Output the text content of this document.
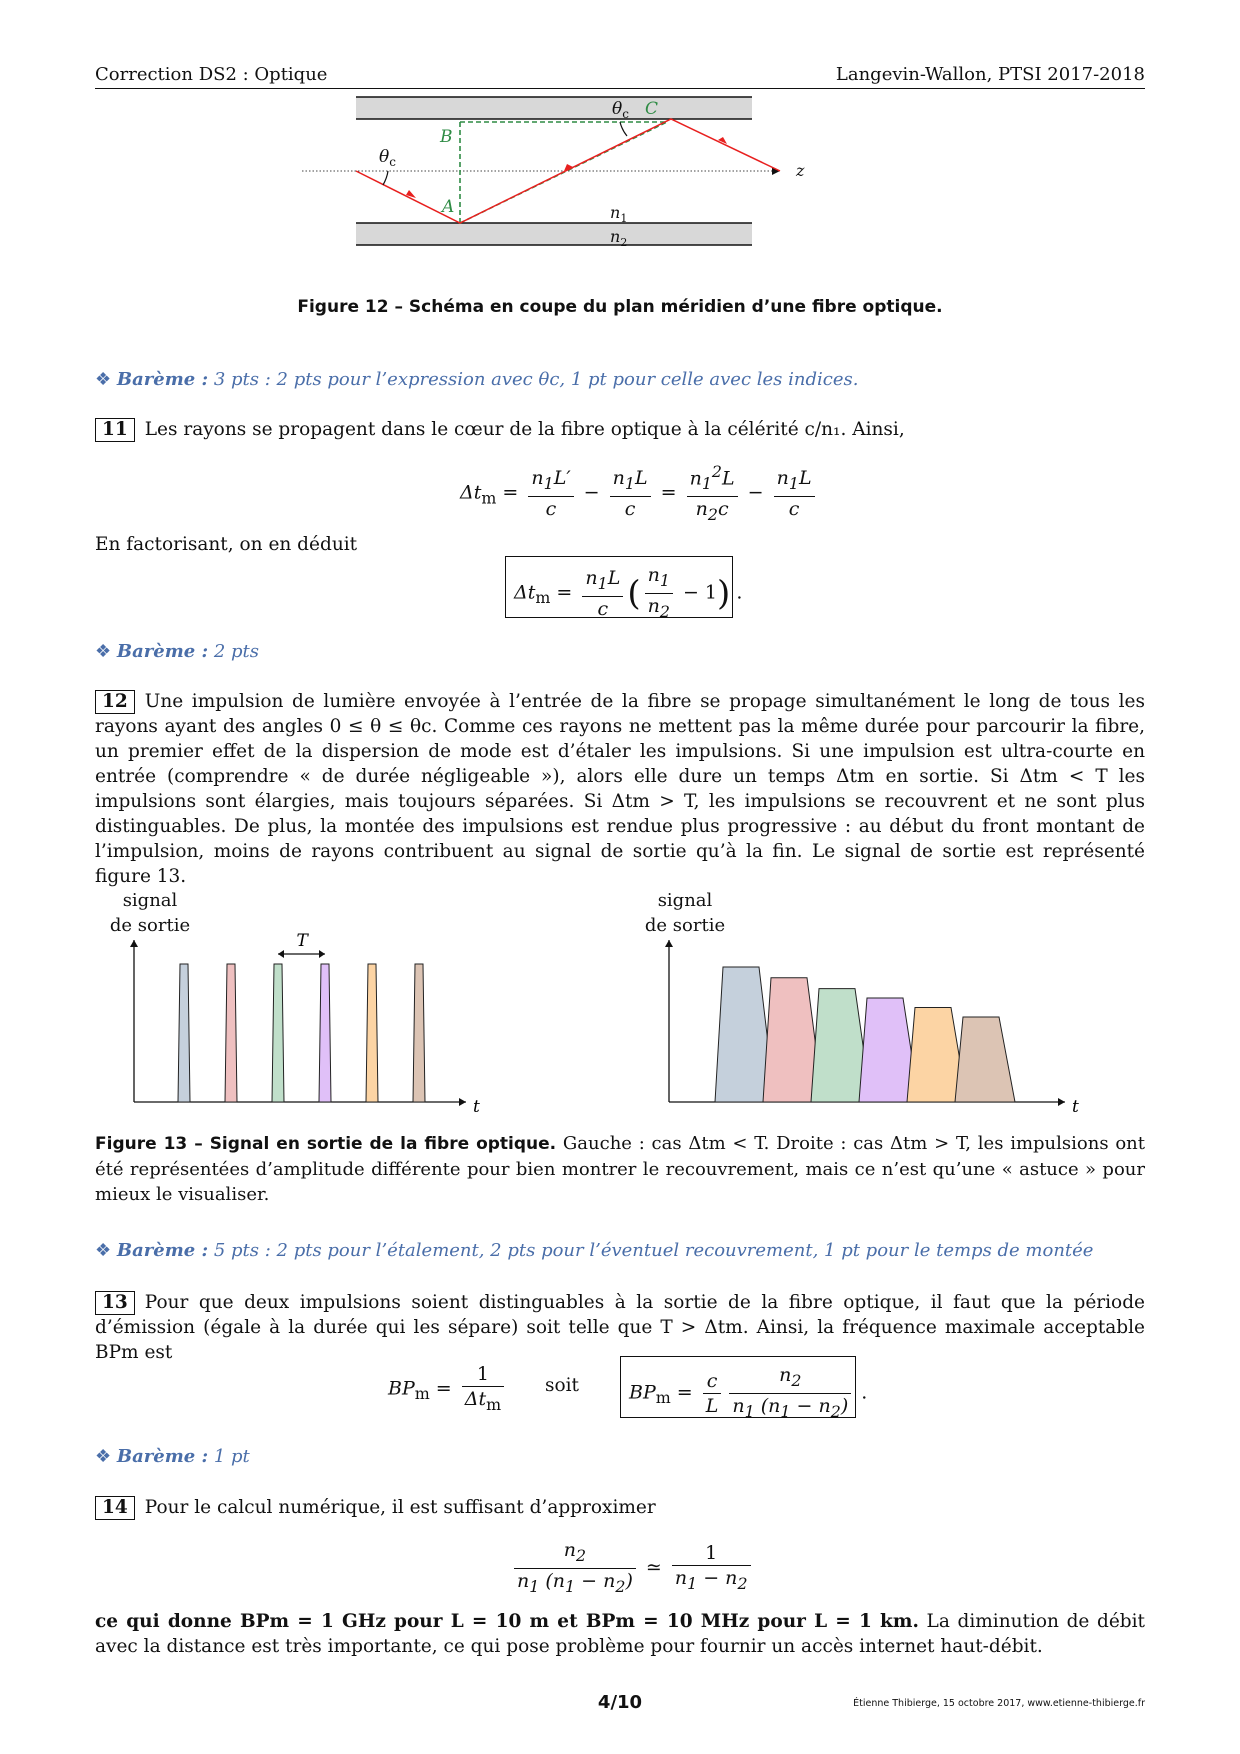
Correction DS2 : Optique	Langevin-Wallon, PTSI 2017-2018
$\theta_c$ C
B
A
$\theta_c$	z
$n_1$
$n_2$
Figure 12 – Schéma en coupe du plan méridien d’une fibre optique.
❖ Barème : 3 pts : 2 pts pour l’expression avec θc, 1 pt pour celle avec les indices.
11 Les rayons se propagent dans le cœur de la fibre optique à la célérité c/n₁. Ainsi,
$\Delta t_m = \frac{n_1L'}{c} - \frac{n_1L}{c} = \frac{n_1^2L}{n_2c} - \frac{n_1L}{c}$
En factorisant, on en déduit
$\Delta t_m = \frac{n_1L}{c}$ ( $\frac{n_1}{n_2} - 1$) .
❖ Barème : 2 pts
12 Une impulsion de lumière envoyée à l’entrée de la fibre se propage simultanément le long de tous les rayons ayant des angles 0 ≤ θ ≤ θc. Comme ces rayons ne mettent pas la même durée pour parcourir la fibre, un premier effet de la dispersion de mode est d’étaler les impulsions. Si une impulsion est ultra-courte en entrée (comprendre « de durée négligeable »), alors elle dure un temps Δtm en sortie. Si Δtm < T les impulsions sont élargies, mais toujours séparées. Si Δtm > T, les impulsions se recouvrent et ne sont plus distinguables. De plus, la montée des impulsions est rendue plus progressive : au début du front montant de l’impulsion, moins de rayons contribuent au signal de sortie qu’à la fin. Le signal de sortie est représenté figure 13.
signal
de sortie
t
T
signal
de sortie
t
Figure 13 – Signal en sortie de la fibre optique. Gauche : cas Δtm < T. Droite : cas Δtm > T, les impulsions ont été représentées d’amplitude différente pour bien montrer le recouvrement, mais ce n’est qu’une « astuce » pour mieux le visualiser.
❖ Barème : 5 pts : 2 pts pour l’étalement, 2 pts pour l’éventuel recouvrement, 1 pt pour le temps de montée
13 Pour que deux impulsions soient distinguables à la sortie de la fibre optique, il faut que la période d’émission (égale à la durée qui les sépare) soit telle que T > Δtm. Ainsi, la fréquence maximale acceptable BPm est
$BP_m = \frac{1}{\Delta t_m}$ soit	$BP_m = \frac{c}{L} \frac{n_2}{n_1 (n_1 - n_2)}$ .
❖ Barème : 1 pt
14 Pour le calcul numérique, il est suffisant d’approximer
$\frac{n_2}{n_1 (n_1 - n_2)}$ ≃ $\frac{1}{n_1 - n_2}$
ce qui donne BPm = 1 GHz pour L = 10 m et BPm = 10 MHz pour L = 1 km. La diminution de débit avec la distance est très importante, ce qui pose problème pour fournir un accès internet haut-débit.
4/10	Étienne Thibierge, 15 octobre 2017, www.etienne-thibierge.fr
